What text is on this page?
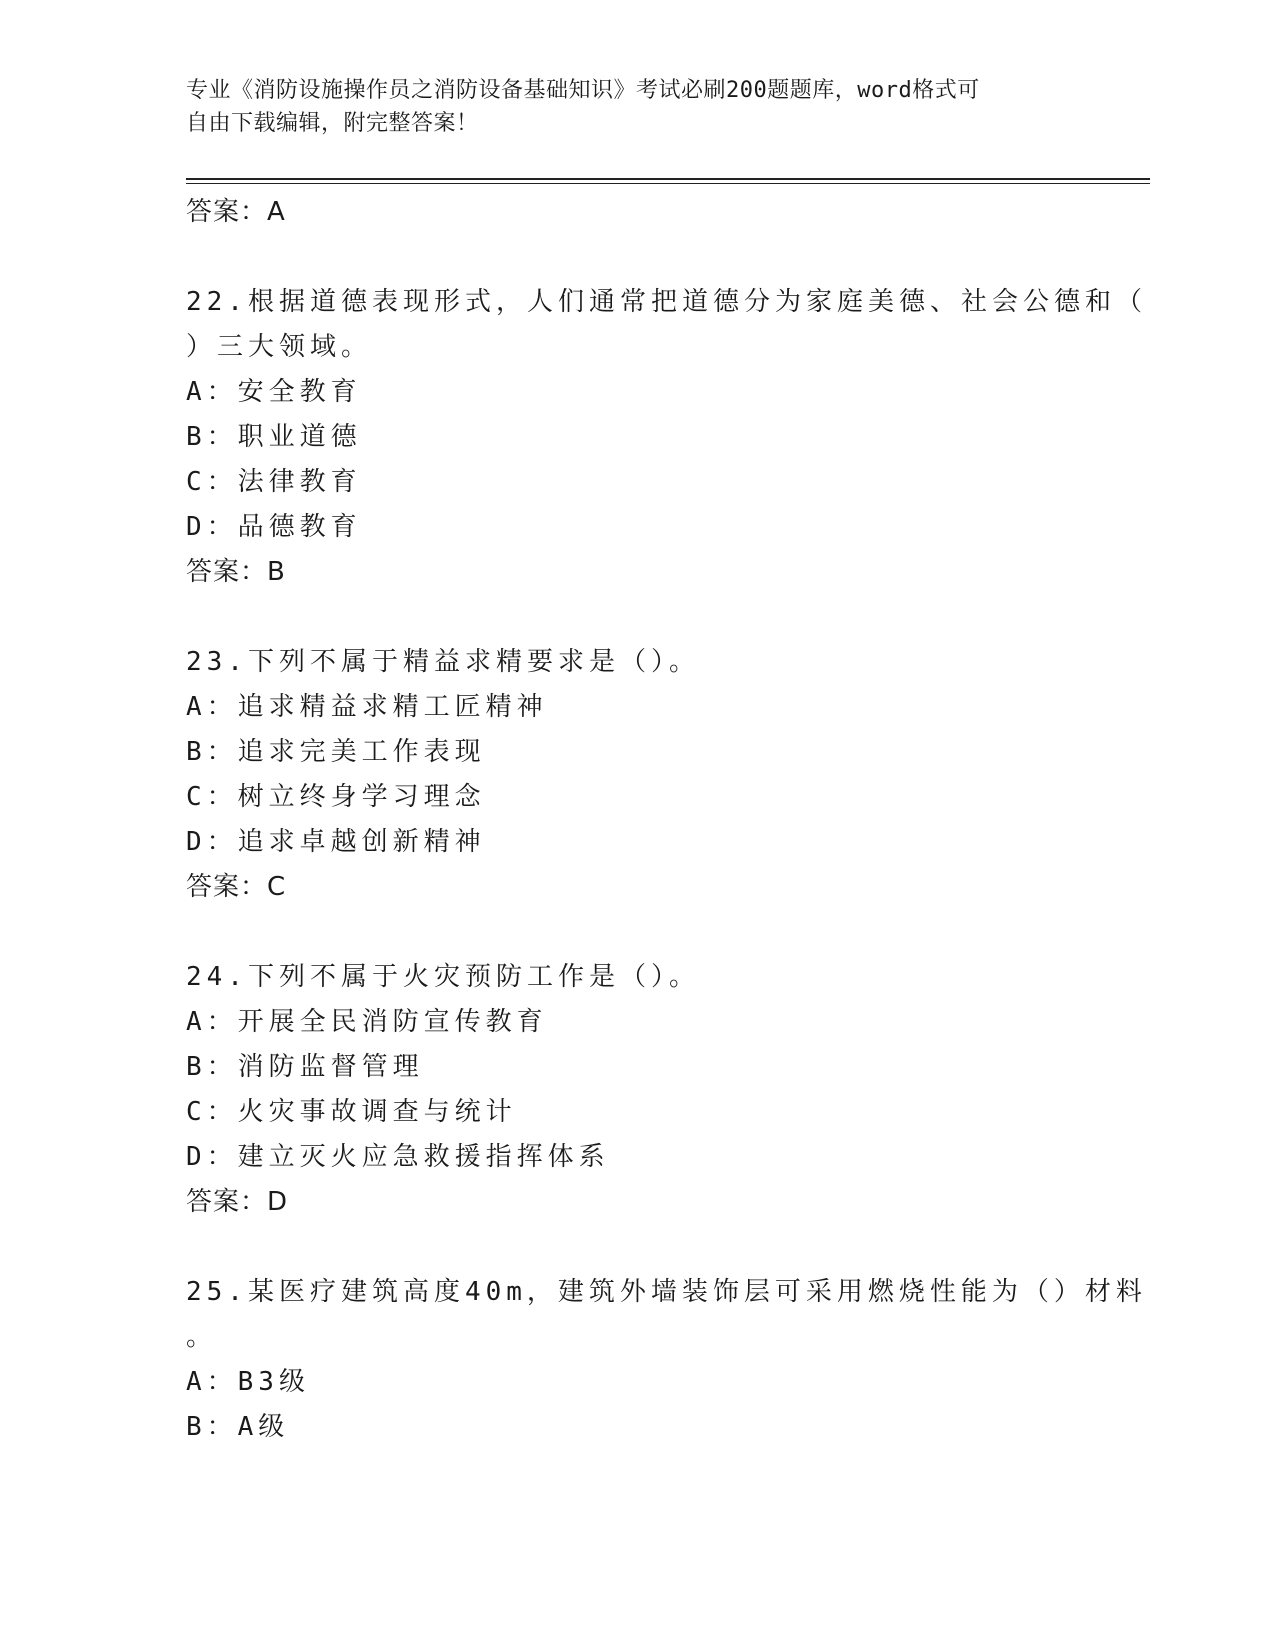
专业《消防设施操作员之消防设备基础知识》考试必刷200题题库，word格式可
自由下载编辑，附完整答案！
答案：A
22.根据道德表现形式，人们通常把道德分为家庭美德、社会公德和（
）三大领域。
A：安全教育
B：职业道德
C：法律教育
D：品德教育
答案：B
23.下列不属于精益求精要求是（）。
A：追求精益求精工匠精神
B：追求完美工作表现
C：树立终身学习理念
D：追求卓越创新精神
答案：C
24.下列不属于火灾预防工作是（）。
A：开展全民消防宣传教育
B：消防监督管理
C：火灾事故调查与统计
D：建立灭火应急救援指挥体系
答案：D
25.某医疗建筑高度40m，建筑外墙装饰层可采用燃烧性能为（）材料
。
A：B3级
B：A级
